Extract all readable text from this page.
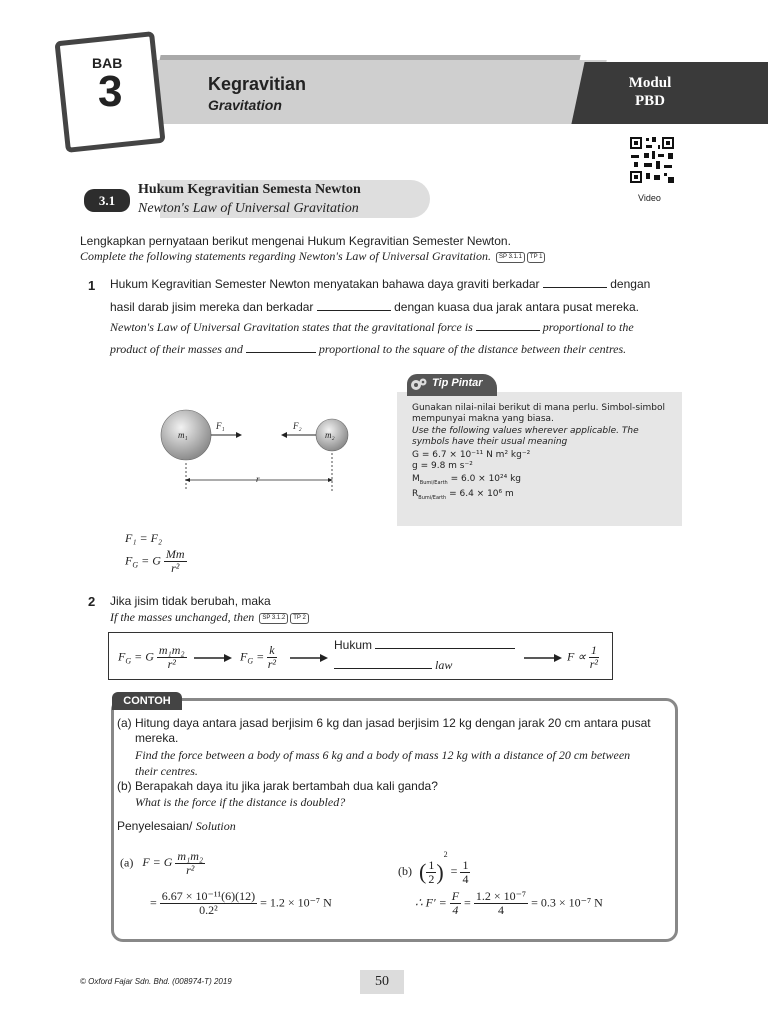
BAB
3	Kegravitian
Gravitation
Modul
PBD
Video
3.1
Hukum Kegravitian Semesta Newton
Newton's Law of Universal Gravitation
Lengkapkan pernyataan berikut mengenai Hukum Kegravitian Semester Newton.
Complete the following statements regarding Newton's Law of Universal Gravitation. SP 3.1.1 TP 1
1 Hukum Kegravitian Semester Newton menyatakan bahawa daya graviti berkadar	dengan
hasil darab jisim mereka dan berkadar	dengan kuasa dua jarak antara pusat mereka.
Newton's Law of Universal Gravitation states that the gravitational force is	proportional to the
product of their masses and	proportional to the square of the distance between their centres.
m₁	m₂
F₁	F₂
r
Tip Pintar
Gunakan nilai-nilai berikut di mana perlu. Simbol-simbol mempunyai makna yang biasa.
Use the following values wherever applicable. The symbols have their usual meaning
G = 6.7 × 10⁻¹¹ N m² kg⁻²
g = 9.8 m s⁻²
$M_{Bumi/Earth} = 6.0 \times 10^{24}$ kg
$R_{Bumi/Earth} = 6.4 \times 10^6$ m
F₁ = F₂
$F_G = G \frac{Mm}{\text{r²}}$
2 Jika jisim tidak berubah, maka
If the masses unchanged, then SP 3.1.2 TP 2
$F_G = G \frac{\text{m₁m₂}}{\text{r²}}$	$F_G = \frac{k}{\text{r²}}$	Hukum
law
$F \propto \frac{1}{\text{r²}}$
CONTOH
(a) Hitung daya antara jasad berjisim 6 kg dan jasad berjisim 12 kg dengan jarak 20 cm antara pusat
mereka.
Find the force between a body of mass 6 kg and a body of mass 12 kg with a distance of 20 cm between
their centres.
(b) Berapakah daya itu jika jarak bertambah dua kali ganda?
What is the force if the distance is doubled?
Penyelesaian/ Solution
(a) F = G $\frac{\text{m₁m₂}}{\text{r²}}$
= $\frac{\text{6.67 × 10⁻¹¹(6)(12)}}{\text{0.2²}} = 1.2 \times 10^{-7}$ N
(b) ( $\frac{1}{2} )^2 = \frac{1}{4}$
∴ $F' = \frac{F}{4} = \frac{\text{1.2 × 10⁻⁷}}{4} = 0.3 \times 10^{-7}$ N
© Oxford Fajar Sdn. Bhd. (008974-T) 2019	50
